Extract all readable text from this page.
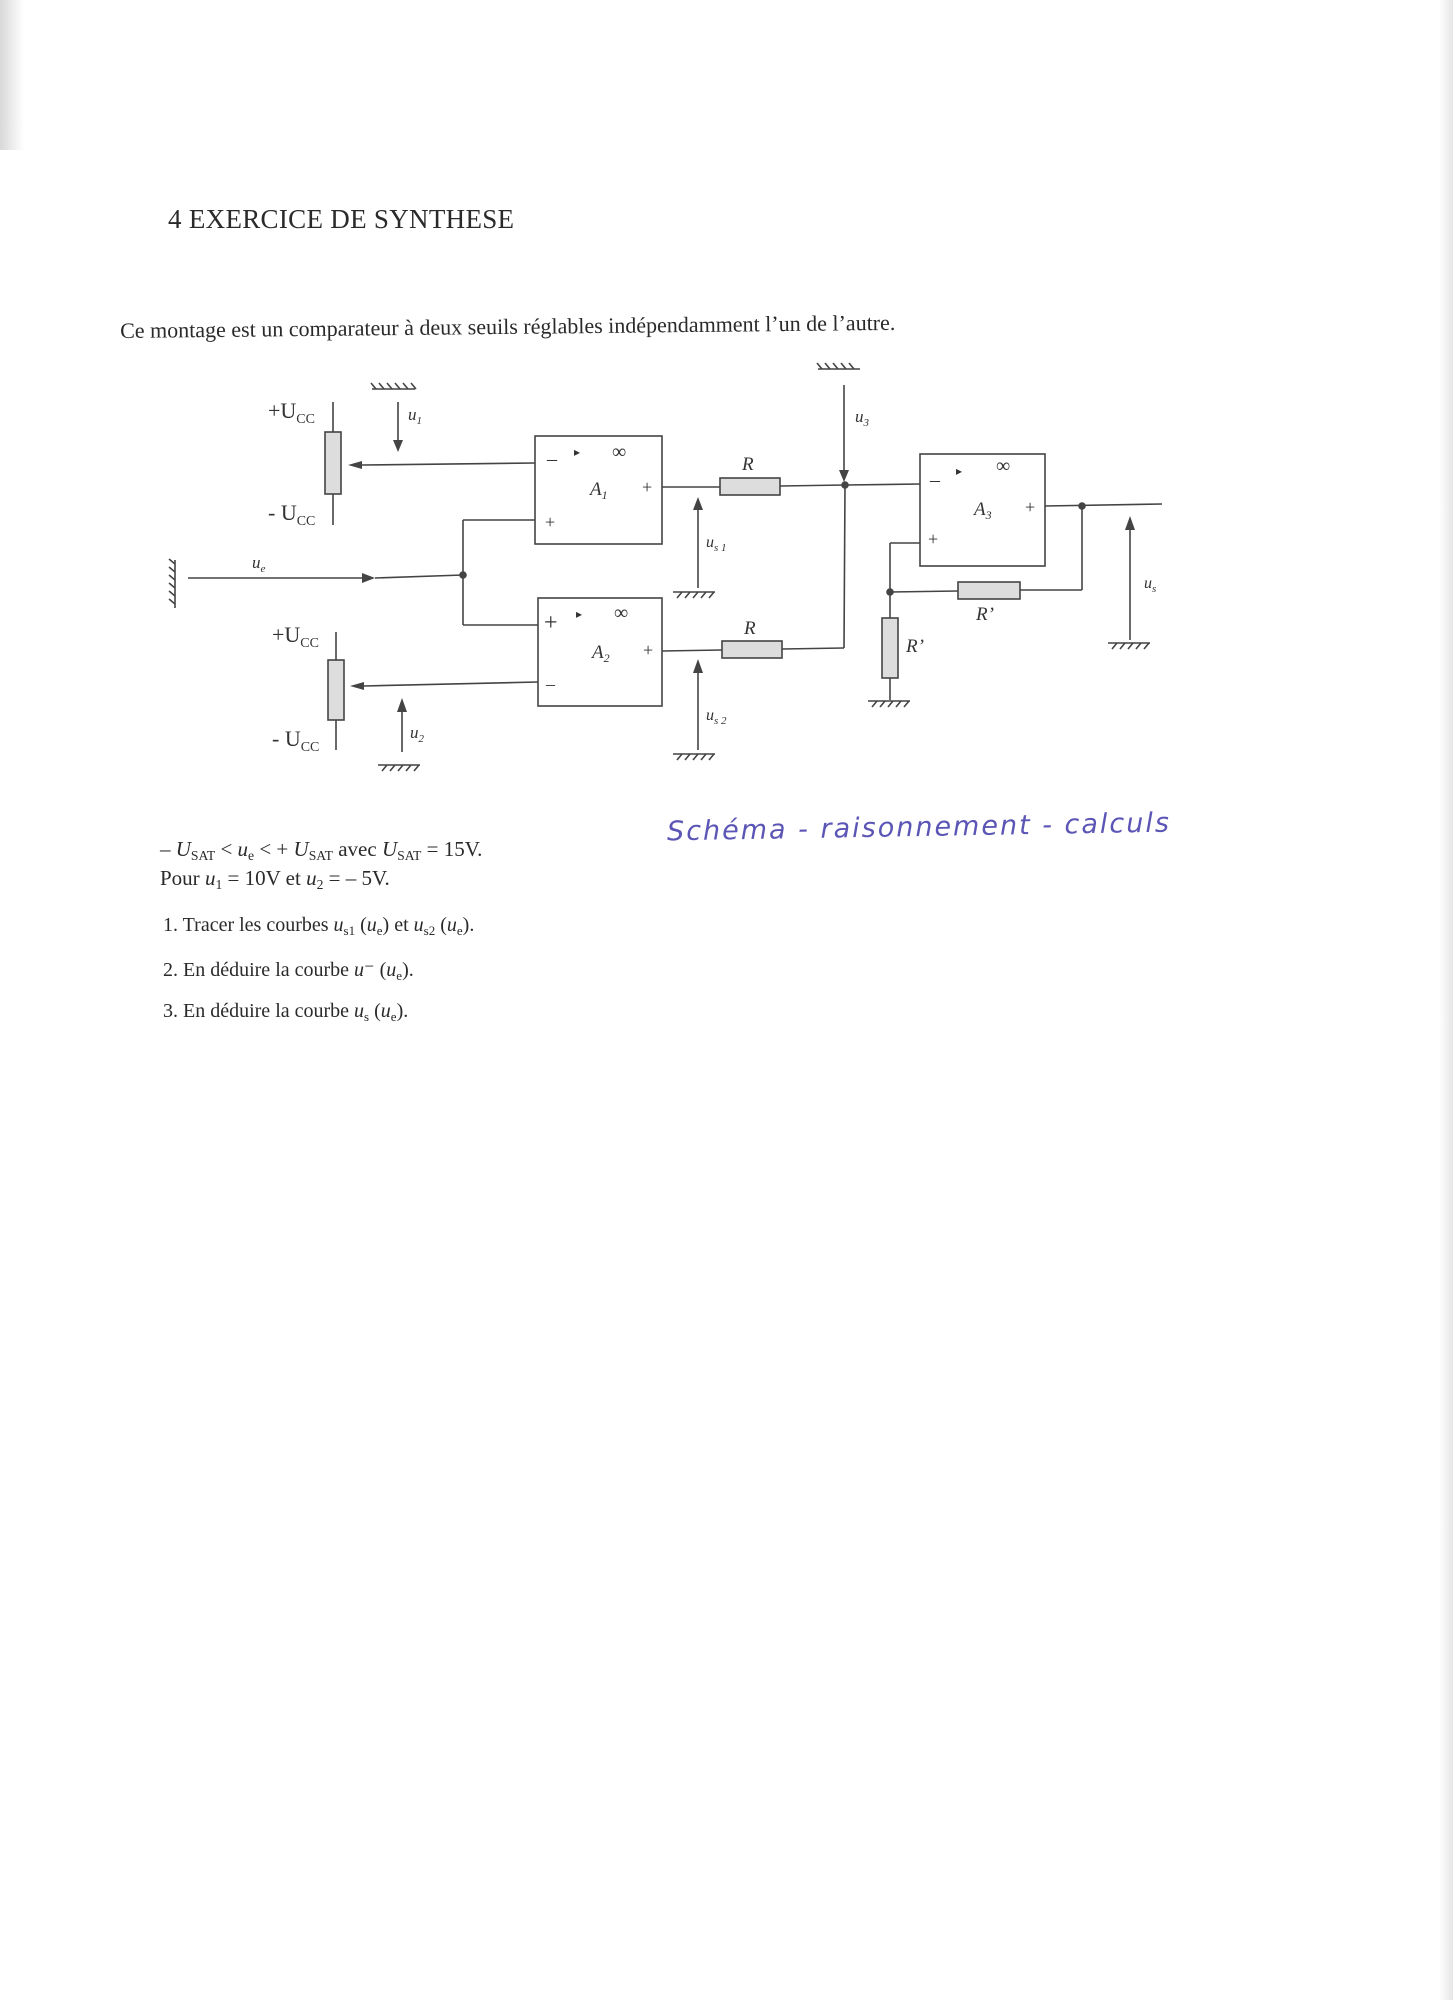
4 EXERCICE DE SYNTHESE
Ce montage est un comparateur à deux seuils réglables indépendamment l’un de l’autre.
$+U_{CC}$
- $U_{CC}$
$u_1$
–
+
▸ ∞
$A_1$ +
$u_e$
R
$u_{s 1}$
$u_3$
–
+
▸ ∞
$A_3$ +
R’
R’
$u_s$
+
–
▸ ∞
$A_2$ +
R
$u_{s 2}$
$+U_{CC}$
- $U_{CC}$
$u_2$
Schéma - raisonnement - calculs
– $U_{SAT} < u_e$ < + $U_{SAT}$ avec $U_{SAT} = 15V$.
Pour $u_1 = 10V$ et $u_2$ = – 5V.
1. Tracer les courbes $u_{s1}$ $(u_e)$ et $u_{s2}$ $(u_e)$.
2. En déduire la courbe u⁻ $(u_e)$.
3. En déduire la courbe $u_s$ $(u_e)$.
